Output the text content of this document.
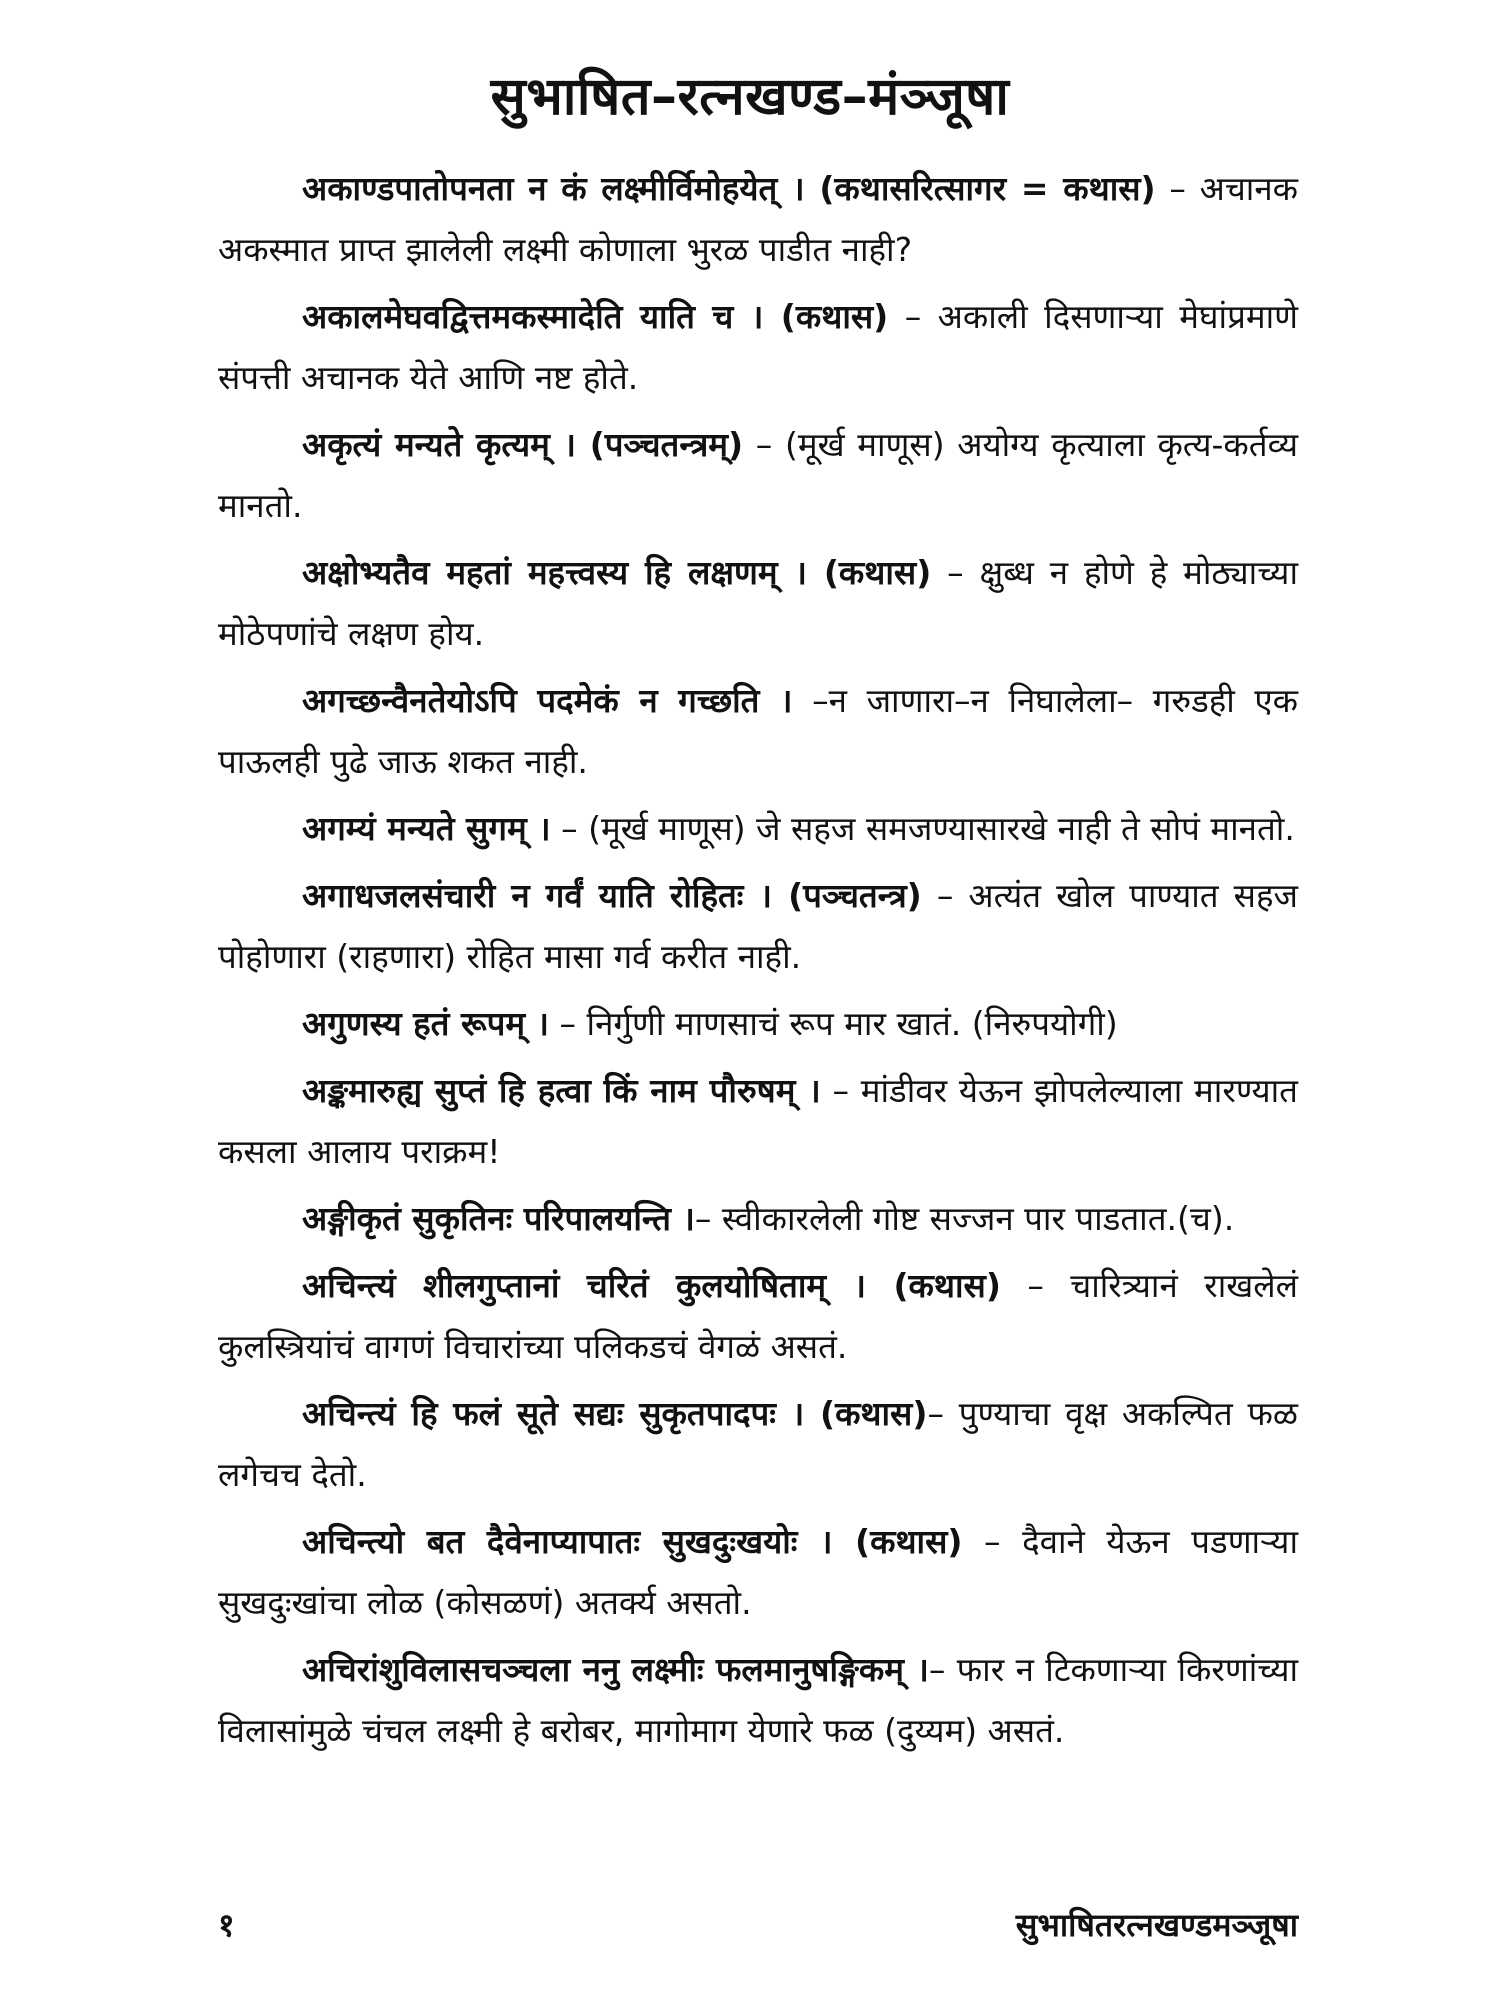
सुभाषित–रत्नखण्ड–मंञ्जूषा

अकाण्डपातोपनता न कं लक्ष्मीर्विमोहयेत् । (कथासरित्सागर = कथास) – अचानक अकस्मात प्राप्त झालेली लक्ष्मी कोणाला भुरळ पाडीत नाही?

अकालमेघवद्वित्तमकस्मादेति याति च । (कथास) – अकाली दिसणाऱ्या मेघांप्रमाणे संपत्ती अचानक येते आणि नष्ट होते.

अकृत्यं मन्यते कृत्यम् । (पञ्चतन्त्रम्) – (मूर्ख माणूस) अयोग्य कृत्याला कृत्य-कर्तव्य मानतो.

अक्षोभ्यतैव महतां महत्त्वस्य हि लक्षणम् । (कथास) – क्षुब्ध न होणे हे मोठ्याच्या मोठेपणांचे लक्षण होय.

अगच्छन्वैनतेयोऽपि पदमेकं न गच्छति । –न जाणारा–न निघालेला– गरुडही एक पाऊलही पुढे जाऊ शकत नाही.

अगम्यं मन्यते सुगम् । – (मूर्ख माणूस) जे सहज समजण्यासारखे नाही ते सोपं मानतो.

अगाधजलसंचारी न गर्वं याति रोहितः । (पञ्चतन्त्र) – अत्यंत खोल पाण्यात सहज पोहोणारा (राहणारा) रोहित मासा गर्व करीत नाही.

अगुणस्य हतं रूपम् । – निर्गुणी माणसाचं रूप मार खातं. (निरुपयोगी)

अङ्कमारुह्य सुप्तं हि हत्वा किं नाम पौरुषम् । – मांडीवर येऊन झोपलेल्याला मारण्यात कसला आलाय पराक्रम!

अङ्गीकृतं सुकृतिनः परिपालयन्ति ।– स्वीकारलेली गोष्ट सज्जन पार पाडतात.(च).

अचिन्त्यं शीलगुप्तानां चरितं कुलयोषिताम् । (कथास) – चारित्र्यानं राखलेलं कुलस्त्रियांचं वागणं विचारांच्या पलिकडचं वेगळं असतं.

अचिन्त्यं हि फलं सूते सद्यः सुकृतपादपः । (कथास)– पुण्याचा वृक्ष अकल्पित फळ लगेचच देतो.

अचिन्त्यो बत दैवेनाप्यापातः सुखदुःखयोः । (कथास) – दैवाने येऊन पडणाऱ्या सुखदुःखांचा लोळ (कोसळणं) अतर्क्य असतो.

अचिरांशुविलासचञ्चला ननु लक्ष्मीः फलमानुषङ्गिकम् ।– फार न टिकणाऱ्या किरणांच्या विलासांमुळे चंचल लक्ष्मी हे बरोबर, मागोमाग येणारे फळ (दुय्यम) असतं.

१	सुभाषितरत्नखण्डमञ्जूषा
